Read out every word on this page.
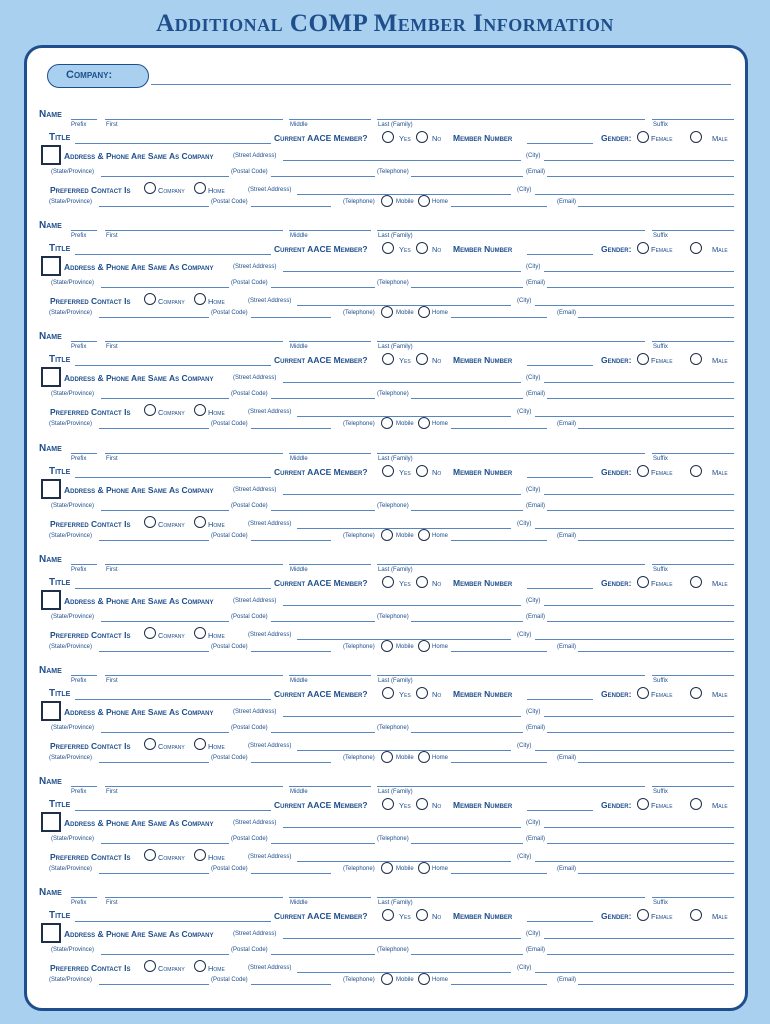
Additional COMP Member Information
Company:
Name
Prefix	First	Middle	Last (Family)	Suffix
Title	Current AACE Member?	Yes	No Member Number	Gender:	Female	Male
Address & Phone Are Same As Company	(Street Address)	(City)
(State/Province)	(Postal Code)	(Telephone)	(Email)
Preferred Contact Is	Company	Home	(Street Address)	(City)
(State/Province)	(Postal Code)	(Telephone)	Mobile	Home	(Email)
Name
Prefix	First	Middle	Last (Family)	Suffix
Title	Current AACE Member?	Yes	No Member Number	Gender:	Female	Male
Address & Phone Are Same As Company	(Street Address)	(City)
(State/Province)	(Postal Code)	(Telephone)	(Email)
Preferred Contact Is	Company	Home	(Street Address)	(City)
(State/Province)	(Postal Code)	(Telephone)	Mobile	Home	(Email)
Name
Prefix	First	Middle	Last (Family)	Suffix
Title	Current AACE Member?	Yes	No Member Number	Gender:	Female	Male
Address & Phone Are Same As Company	(Street Address)	(City)
(State/Province)	(Postal Code)	(Telephone)	(Email)
Preferred Contact Is	Company	Home	(Street Address)	(City)
(State/Province)	(Postal Code)	(Telephone)	Mobile	Home	(Email)
Name
Prefix	First	Middle	Last (Family)	Suffix
Title	Current AACE Member?	Yes	No Member Number	Gender:	Female	Male
Address & Phone Are Same As Company	(Street Address)	(City)
(State/Province)	(Postal Code)	(Telephone)	(Email)
Preferred Contact Is	Company	Home	(Street Address)	(City)
(State/Province)	(Postal Code)	(Telephone)	Mobile	Home	(Email)
Name
Prefix	First	Middle	Last (Family)	Suffix
Title	Current AACE Member?	Yes	No Member Number	Gender:	Female	Male
Address & Phone Are Same As Company	(Street Address)	(City)
(State/Province)	(Postal Code)	(Telephone)	(Email)
Preferred Contact Is	Company	Home	(Street Address)	(City)
(State/Province)	(Postal Code)	(Telephone)	Mobile	Home	(Email)
Name
Prefix	First	Middle	Last (Family)	Suffix
Title	Current AACE Member?	Yes	No Member Number	Gender:	Female	Male
Address & Phone Are Same As Company	(Street Address)	(City)
(State/Province)	(Postal Code)	(Telephone)	(Email)
Preferred Contact Is	Company	Home	(Street Address)	(City)
(State/Province)	(Postal Code)	(Telephone)	Mobile	Home	(Email)
Name
Prefix	First	Middle	Last (Family)	Suffix
Title	Current AACE Member?	Yes	No Member Number	Gender:	Female	Male
Address & Phone Are Same As Company	(Street Address)	(City)
(State/Province)	(Postal Code)	(Telephone)	(Email)
Preferred Contact Is	Company	Home	(Street Address)	(City)
(State/Province)	(Postal Code)	(Telephone)	Mobile	Home	(Email)
Name
Prefix	First	Middle	Last (Family)	Suffix
Title	Current AACE Member?	Yes	No Member Number	Gender:	Female	Male
Address & Phone Are Same As Company	(Street Address)	(City)
(State/Province)	(Postal Code)	(Telephone)	(Email)
Preferred Contact Is	Company	Home	(Street Address)	(City)
(State/Province)	(Postal Code)	(Telephone)	Mobile	Home	(Email)
